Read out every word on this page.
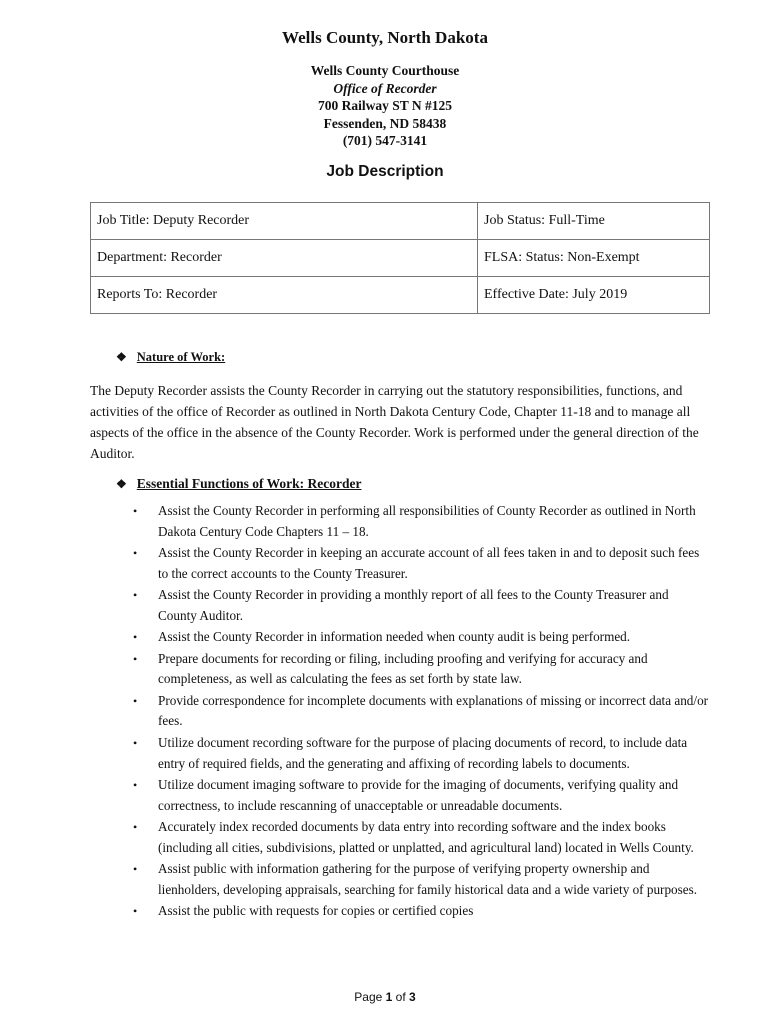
Wells County, North Dakota
Wells County Courthouse
Office of Recorder
700 Railway ST N #125
Fessenden, ND 58438
(701) 547-3141
Job Description
Job Title: Deputy Recorder	Job Status: Full-Time
Department: Recorder	FLSA: Status: Non-Exempt
Reports To: Recorder	Effective Date: July 2019
❖ Nature of Work:
The Deputy Recorder assists the County Recorder in carrying out the statutory responsibilities, functions, and activities of the office of Recorder as outlined in North Dakota Century Code, Chapter 11-18 and to manage all aspects of the office in the absence of the County Recorder. Work is performed under the general direction of the Auditor.
❖ Essential Functions of Work: Recorder
• Assist the County Recorder in performing all responsibilities of County Recorder as outlined in North Dakota Century Code Chapters 11 – 18.
• Assist the County Recorder in keeping an accurate account of all fees taken in and to deposit such fees to the correct accounts to the County Treasurer.
• Assist the County Recorder in providing a monthly report of all fees to the County Treasurer and County Auditor.
• Assist the County Recorder in information needed when county audit is being performed.
• Prepare documents for recording or filing, including proofing and verifying for accuracy and completeness, as well as calculating the fees as set forth by state law.
• Provide correspondence for incomplete documents with explanations of missing or incorrect data and/or fees.
• Utilize document recording software for the purpose of placing documents of record, to include data entry of required fields, and the generating and affixing of recording labels to documents.
• Utilize document imaging software to provide for the imaging of documents, verifying quality and correctness, to include rescanning of unacceptable or unreadable documents.
• Accurately index recorded documents by data entry into recording software and the index books (including all cities, subdivisions, platted or unplatted, and agricultural land) located in Wells County.
• Assist public with information gathering for the purpose of verifying property ownership and lienholders, developing appraisals, searching for family historical data and a wide variety of purposes.
• Assist the public with requests for copies or certified copies
Page 1 of 3
